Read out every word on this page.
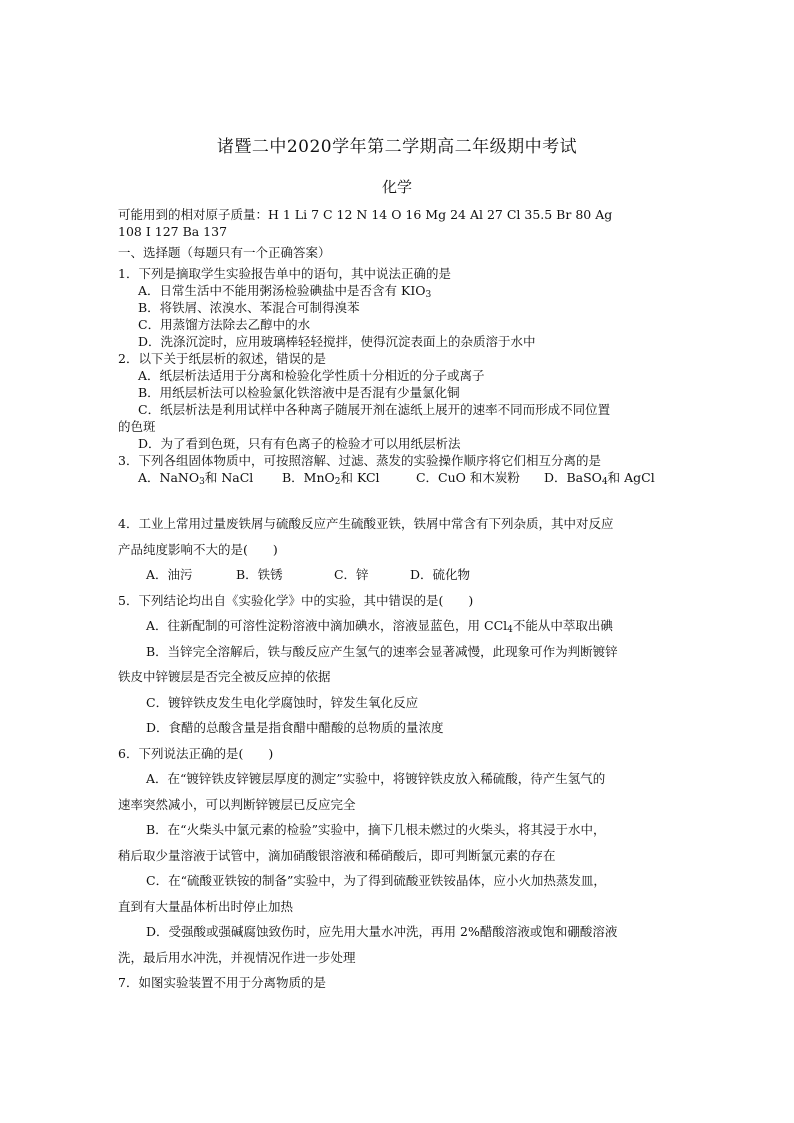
诸暨二中2020学年第二学期高二年级期中考试
化学
可能用到的相对原子质量：H 1 Li 7 C 12 N 14 O 16 Mg 24 Al 27 Cl 35.5 Br 80 Ag
108 I 127 Ba 137
一、选择题（每题只有一个正确答案）
1．下列是摘取学生实验报告单中的语句，其中说法正确的是
A．日常生活中不能用粥汤检验碘盐中是否含有 $KIO_3$
B．将铁屑、浓溴水、苯混合可制得溴苯
C．用蒸馏方法除去乙醇中的水
D．洗涤沉淀时，应用玻璃棒轻轻搅拌，使得沉淀表面上的杂质溶于水中
2．以下关于纸层析的叙述，错误的是
A．纸层析法适用于分离和检验化学性质十分相近的分子或离子
B．用纸层析法可以检验氯化铁溶液中是否混有少量氯化铜
C．纸层析法是利用试样中各种离子随展开剂在滤纸上展开的速率不同而形成不同位置
的色斑
D．为了看到色斑，只有有色离子的检验才可以用纸层析法
3．下列各组固体物质中，可按照溶解、过滤、蒸发的实验操作顺序将它们相互分离的是
A．NaNO$_3$和 NaCl B．MnO$_2$和 KCl	C．CuO 和木炭粉 D．BaSO$_4$和 AgCl
4．工业上常用过量废铁屑与硫酸反应产生硫酸亚铁，铁屑中常含有下列杂质，其中对反应
产品纯度影响不大的是(　　)
A．油污	B．铁锈	C．锌	D．硫化物
5．下列结论均出自《实验化学》中的实验，其中错误的是(　　)
A．往新配制的可溶性淀粉溶液中滴加碘水，溶液显蓝色，用 CCl$_4$不能从中萃取出碘
B．当锌完全溶解后，铁与酸反应产生氢气的速率会显著减慢，此现象可作为判断镀锌
铁皮中锌镀层是否完全被反应掉的依据
C．镀锌铁皮发生电化学腐蚀时，锌发生氧化反应
D．食醋的总酸含量是指食醋中醋酸的总物质的量浓度
6．下列说法正确的是(　　)
A．在“镀锌铁皮锌镀层厚度的测定”实验中，将镀锌铁皮放入稀硫酸，待产生氢气的
速率突然减小，可以判断锌镀层已反应完全
B．在“火柴头中氯元素的检验”实验中，摘下几根未燃过的火柴头，将其浸于水中，
稍后取少量溶液于试管中，滴加硝酸银溶液和稀硝酸后，即可判断氯元素的存在
C．在“硫酸亚铁铵的制备”实验中，为了得到硫酸亚铁铵晶体，应小火加热蒸发皿，
直到有大量晶体析出时停止加热
D．受强酸或强碱腐蚀致伤时，应先用大量水冲洗，再用 2%醋酸溶液或饱和硼酸溶液
洗，最后用水冲洗，并视情况作进一步处理
7．如图实验装置不用于分离物质的是
